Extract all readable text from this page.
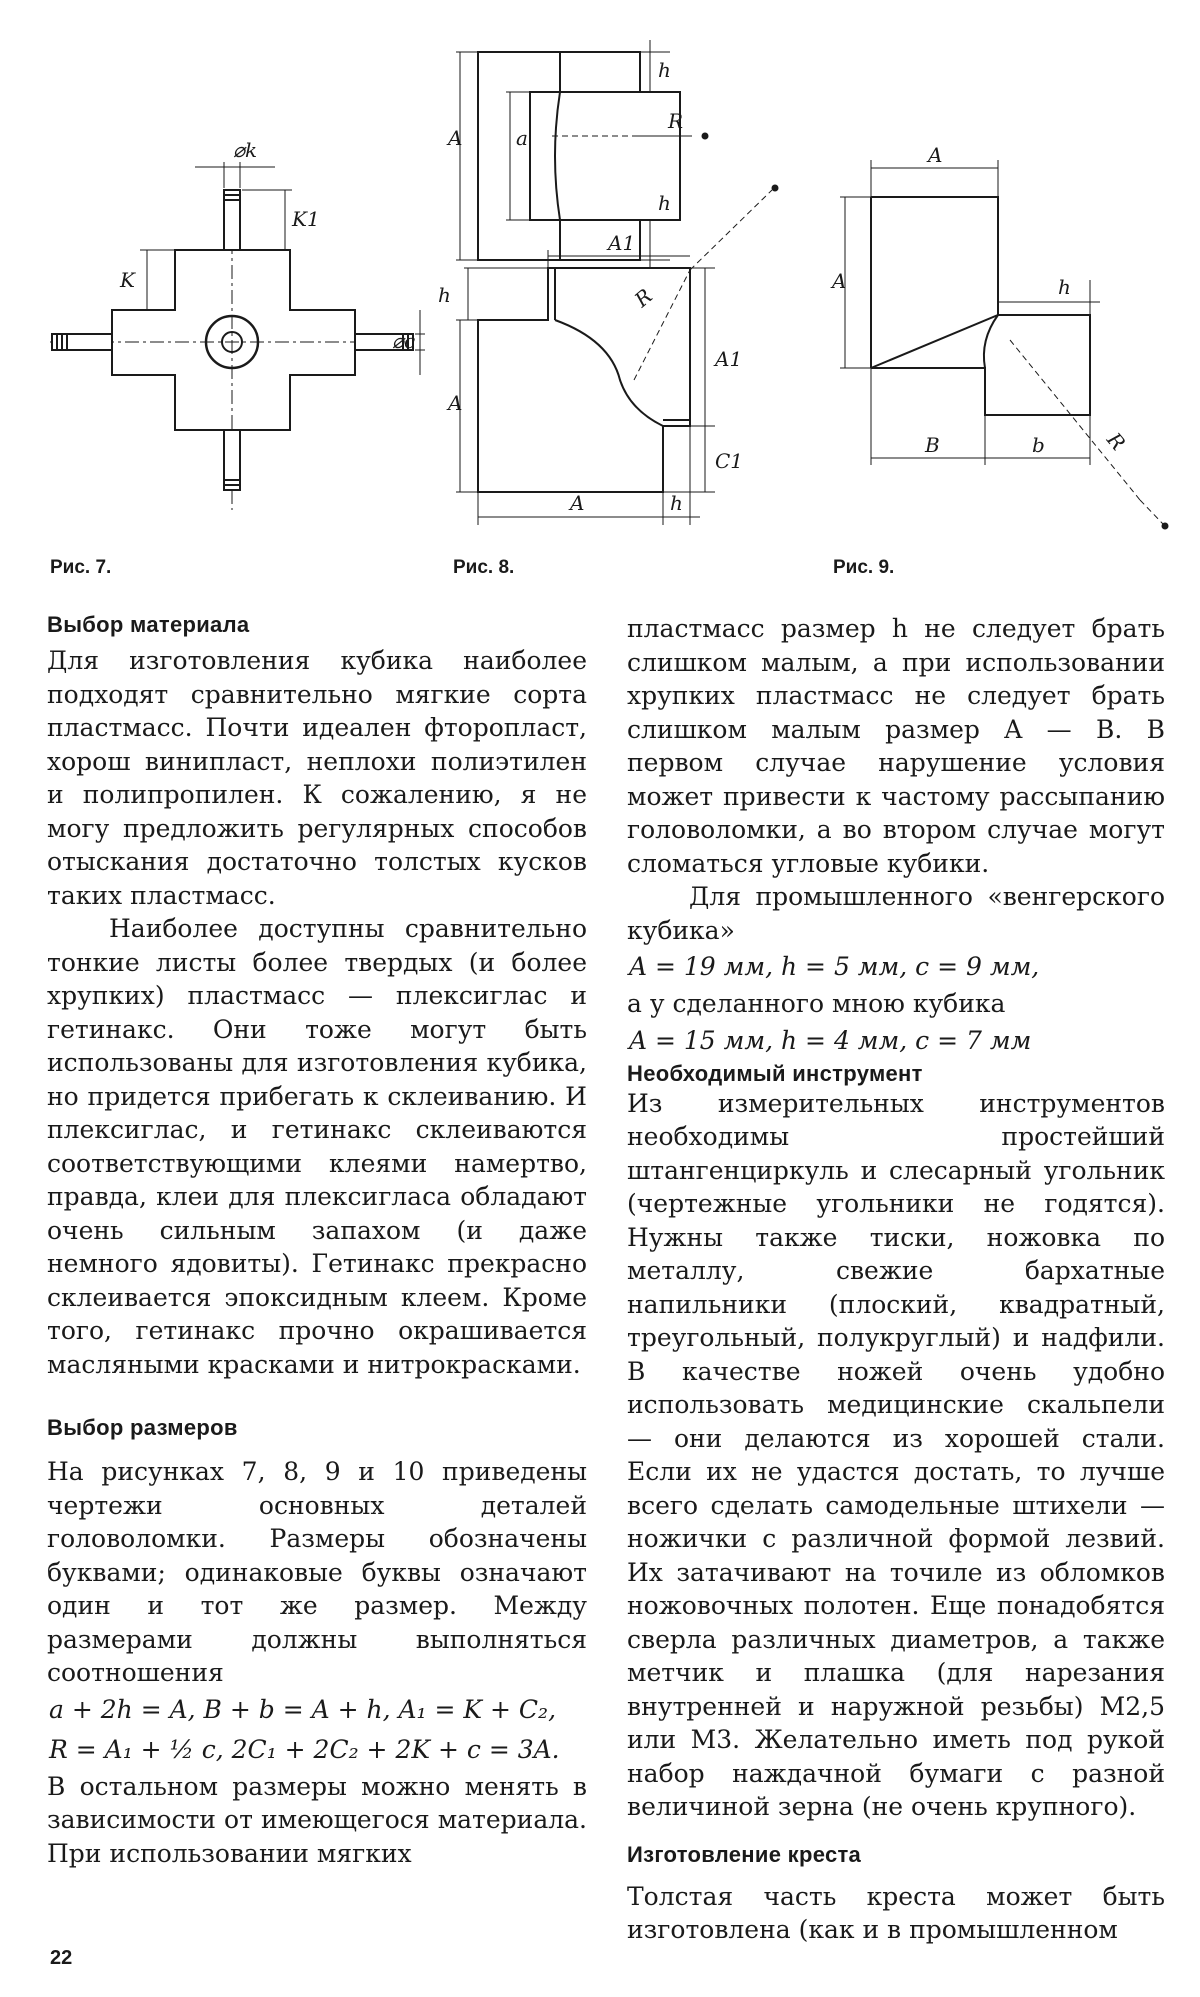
⌀k
K1
K
⌀c
h
A	a
R
h
A1
h	R
A
A1
C1
A	h
A
A	h
B	b	R
Рис. 7.	Рис. 8.	Рис. 9.
Выбор материала

Для изготовления кубика наиболее подходят сравнительно мягкие сорта пластмасс. Почти идеален фторопласт, хорош винипласт, неплохи полиэтилен и полипропилен. К сожалению, я не могу предложить регулярных способов отыскания достаточно толстых кусков таких пластмасс.

Наиболее доступны сравнительно тонкие листы более твердых (и более хрупких) пластмасс — плексиглас и гетинакс. Они тоже могут быть использованы для изготовления кубика, но придется прибегать к склеиванию. И плексиглас, и гетинакс склеиваются соответствующими клеями намертво, правда, клеи для плексигласа обладают очень сильным запахом (и даже немного ядовиты). Гетинакс прекрасно склеивается эпоксидным клеем. Кроме того, гетинакс прочно окрашивается масляными красками и нитрокрасками.

Выбор размеров

На рисунках 7, 8, 9 и 10 приведены чертежи основных деталей головоломки. Размеры обозначены буквами; одинаковые буквы означают один и тот же размер. Между размерами должны выполняться соотношения

a + 2h = A, B + b = A + h, A₁ = K + C₂,
R = A₁ + ½ c, 2C₁ + 2C₂ + 2K + c = 3A.

В остальном размеры можно менять в зависимости от имеющегося материала. При использовании мягких

пластмасс размер h не следует брать слишком малым, а при использовании хрупких пластмасс не следует брать слишком малым размер A — B. В первом случае нарушение условия может привести к частому рассыпанию головоломки, а во втором случае могут сломаться угловые кубики.

Для промышленного «венгерского кубика»

A = 19 мм, h = 5 мм, c = 9 мм,

а у сделанного мною кубика

A = 15 мм, h = 4 мм, c = 7 мм
Необходимый инструмент

Из измерительных инструментов необходимы простейший штангенциркуль и слесарный угольник (чертежные угольники не годятся). Нужны также тиски, ножовка по металлу, свежие бархатные напильники (плоский, квадратный, треугольный, полукруглый) и надфили. В качестве ножей очень удобно использовать медицинские скальпели — они делаются из хорошей стали. Если их не удастся достать, то лучше всего сделать самодельные штихели — ножички с различной формой лезвий. Их затачивают на точиле из обломков ножовочных полотен. Еще понадобятся сверла различных диаметров, а также метчик и плашка (для нарезания внутренней и наружной резьбы) М2,5 или М3. Желательно иметь под рукой набор наждачной бумаги с разной величиной зерна (не очень крупного).

Изготовление креста

Толстая часть креста может быть изготовлена (как и в промышленном

22
